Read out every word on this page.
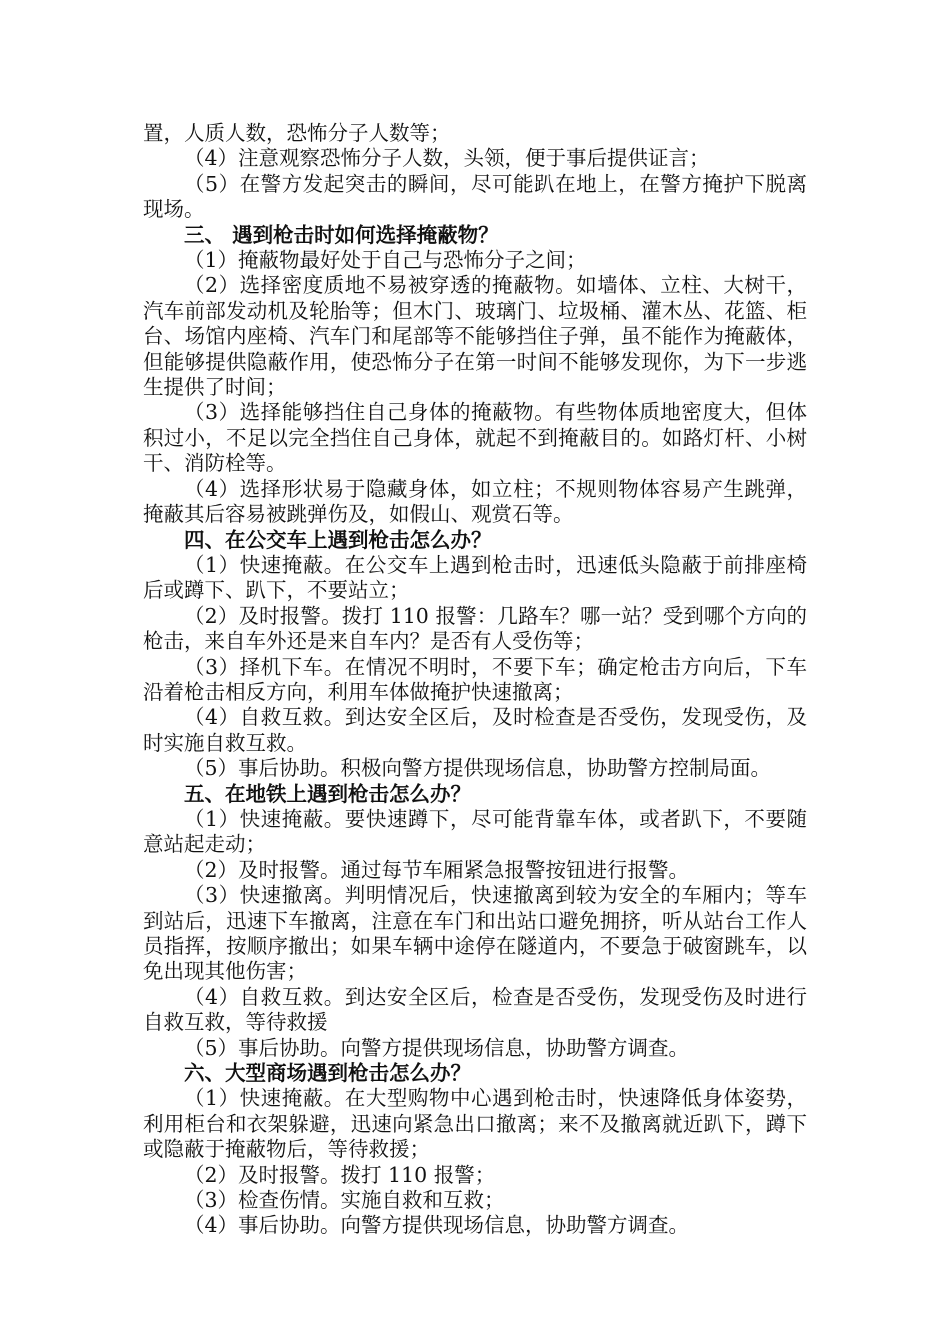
置，人质人数，恐怖分子人数等；

（4）注意观察恐怖分子人数，头领，便于事后提供证言；

（5）在警方发起突击的瞬间，尽可能趴在地上，在警方掩护下脱离现场。

三、 遇到枪击时如何选择掩蔽物？

（1）掩蔽物最好处于自己与恐怖分子之间；

（2）选择密度质地不易被穿透的掩蔽物。如墙体、立柱、大树干，汽车前部发动机及轮胎等；但木门、玻璃门、垃圾桶、灌木丛、花篮、柜台、场馆内座椅、汽车门和尾部等不能够挡住子弹，虽不能作为掩蔽体，但能够提供隐蔽作用，使恐怖分子在第一时间不能够发现你，为下一步逃生提供了时间；

（3）选择能够挡住自己身体的掩蔽物。有些物体质地密度大，但体积过小，不足以完全挡住自己身体，就起不到掩蔽目的。如路灯杆、小树干、消防栓等。

（4）选择形状易于隐藏身体，如立柱；不规则物体容易产生跳弹，掩蔽其后容易被跳弹伤及，如假山、观赏石等。

四、在公交车上遇到枪击怎么办？

（1）快速掩蔽。在公交车上遇到枪击时，迅速低头隐蔽于前排座椅后或蹲下、趴下，不要站立；

（2）及时报警。拨打 110 报警：几路车？哪一站？受到哪个方向的枪击，来自车外还是来自车内？是否有人受伤等；

（3）择机下车。在情况不明时，不要下车；确定枪击方向后，下车沿着枪击相反方向，利用车体做掩护快速撤离；

（4）自救互救。到达安全区后，及时检查是否受伤，发现受伤，及时实施自救互救。

（5）事后协助。积极向警方提供现场信息，协助警方控制局面。

五、在地铁上遇到枪击怎么办？

（1）快速掩蔽。要快速蹲下，尽可能背靠车体，或者趴下，不要随意站起走动；

（2）及时报警。通过每节车厢紧急报警按钮进行报警。

（3）快速撤离。判明情况后，快速撤离到较为安全的车厢内；等车到站后，迅速下车撤离，注意在车门和出站口避免拥挤，听从站台工作人员指挥，按顺序撤出；如果车辆中途停在隧道内，不要急于破窗跳车，以免出现其他伤害；

（4）自救互救。到达安全区后，检查是否受伤，发现受伤及时进行自救互救，等待救援

（5）事后协助。向警方提供现场信息，协助警方调查。

六、大型商场遇到枪击怎么办？

（1）快速掩蔽。在大型购物中心遇到枪击时，快速降低身体姿势，利用柜台和衣架躲避，迅速向紧急出口撤离；来不及撤离就近趴下，蹲下或隐蔽于掩蔽物后，等待救援；

（2）及时报警。拨打 110 报警；

（3）检查伤情。实施自救和互救；

（4）事后协助。向警方提供现场信息，协助警方调查。
